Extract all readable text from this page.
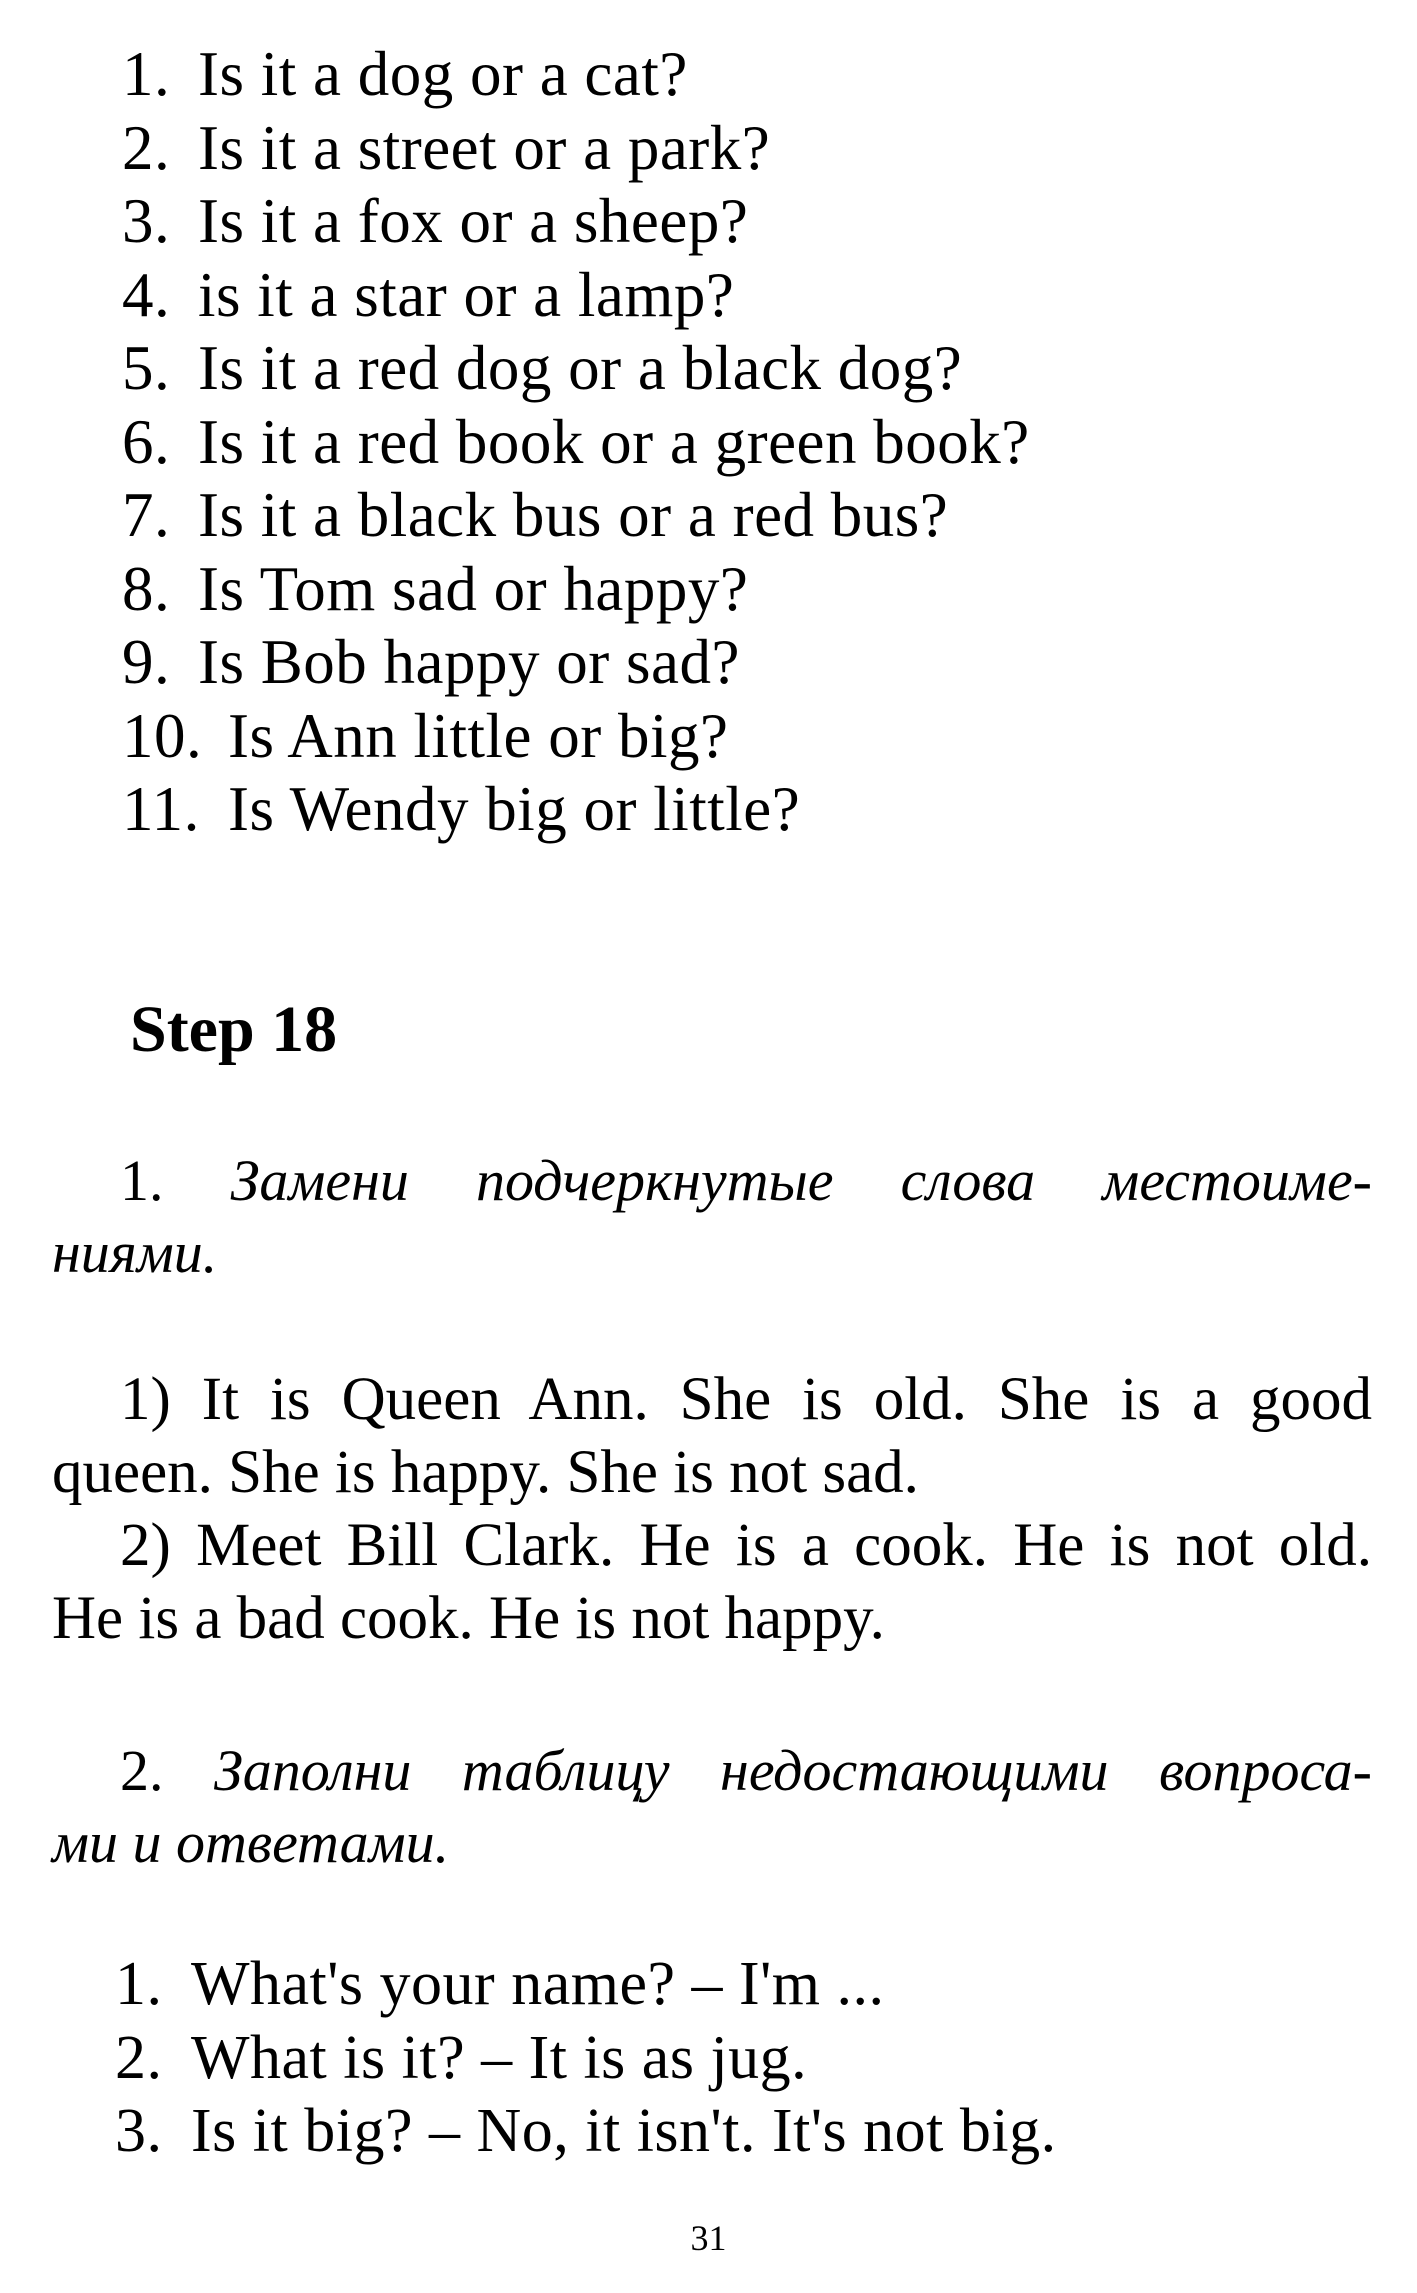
1. Is it a dog or a cat?
2. Is it a street or a park?
3. Is it a fox or a sheep?
4. is it a star or a lamp?
5. Is it a red dog or a black dog?
6. Is it a red book or a green book?
7. Is it a black bus or a red bus?
8. Is Tom sad or happy?
9. Is Bob happy or sad?
10. Is Ann little or big?
11. Is Wendy big or little?
Step 18
1. Замени подчеркнутые слова местоиме-
ниями.
1) It is Queen Ann. She is old. She is a good
queen. She is happy. She is not sad.
2) Meet Bill Clark. He is a cook. He is not old.
He is a bad cook. He is not happy.
2. Заполни таблицу недостающими вопроса-
ми и ответами.
1. What's your name? – I'm ...
2. What is it? – It is as jug.
3. Is it big? – No, it isn't. It's not big.
31
